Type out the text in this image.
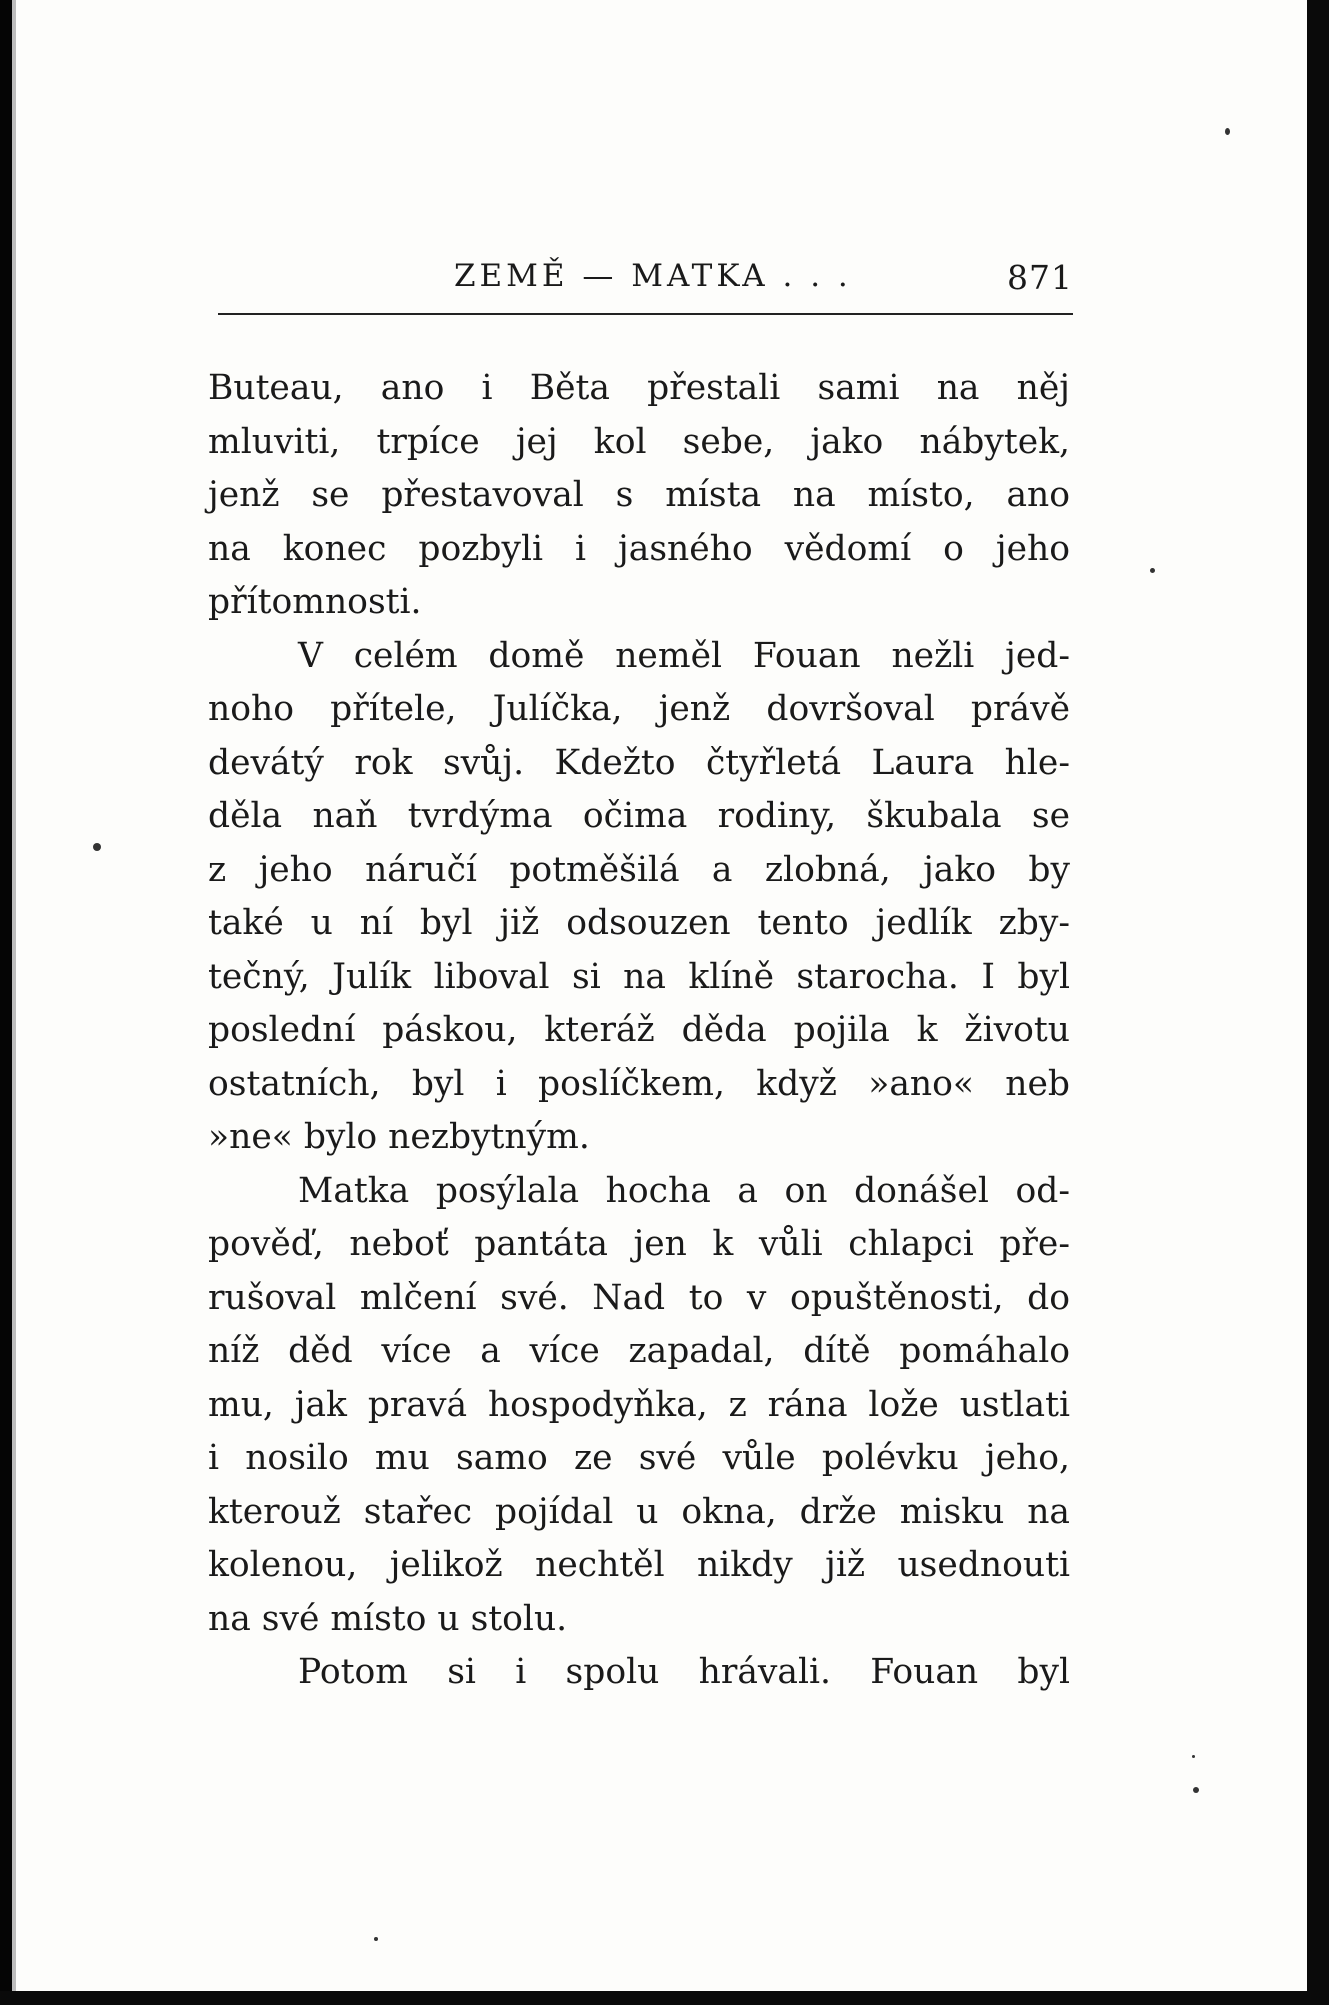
ZEMĚ — MATKA . . .	871

Buteau, ano i Běta přestali sami na něj
mluviti, trpíce jej kol sebe, jako nábytek,
jenž se přestavoval s místa na místo, ano
na konec pozbyli i jasného vědomí o jeho
přítomnosti.

V celém domě neměl Fouan nežli jed-
noho přítele, Julíčka, jenž dovršoval právě
devátý rok svůj. Kdežto čtyřletá Laura hle-
děla naň tvrdýma očima rodiny, škubala se
z jeho náručí potměšilá a zlobná, jako by
také u ní byl již odsouzen tento jedlík zby-
tečný, Julík liboval si na klíně starocha. I byl
poslední páskou, kteráž děda pojila k životu
ostatních, byl i poslíčkem, když »ano« neb
»ne« bylo nezbytným.

Matka posýlala hocha a on donášel od-
pověď, neboť pantáta jen k vůli chlapci pře-
rušoval mlčení své. Nad to v opuštěnosti, do
níž děd více a více zapadal, dítě pomáhalo
mu, jak pravá hospodyňka, z rána lože ustlati
i nosilo mu samo ze své vůle polévku jeho,
kterouž stařec pojídal u okna, drže misku na
kolenou, jelikož nechtěl nikdy již usednouti
na své místo u stolu.

Potom si i spolu hrávali. Fouan byl
